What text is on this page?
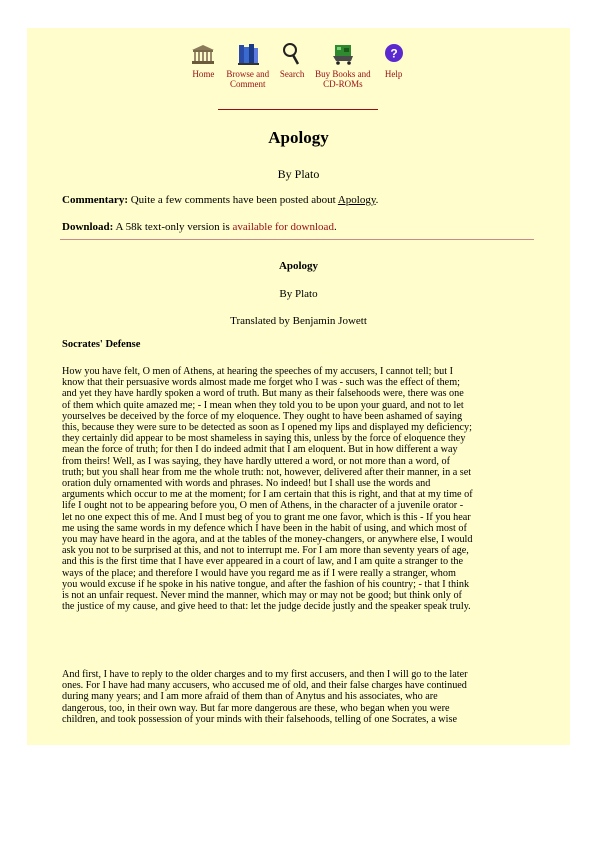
Home Browse and
Comment
Search Buy Books and
CD-ROMs
?
Help
Apology
By Plato
Commentary: Quite a few comments have been posted about Apology.
Download: A 58k text-only version is available for download.
Apology
By Plato
Translated by Benjamin Jowett
Socrates' Defense
How you have felt, O men of Athens, at hearing the speeches of my accusers, I cannot tell; but I
know that their persuasive words almost made me forget who I was - such was the effect of them;
and yet they have hardly spoken a word of truth. But many as their falsehoods were, there was one
of them which quite amazed me; - I mean when they told you to be upon your guard, and not to let
yourselves be deceived by the force of my eloquence. They ought to have been ashamed of saying
this, because they were sure to be detected as soon as I opened my lips and displayed my deficiency;
they certainly did appear to be most shameless in saying this, unless by the force of eloquence they
mean the force of truth; for then I do indeed admit that I am eloquent. But in how different a way
from theirs! Well, as I was saying, they have hardly uttered a word, or not more than a word, of
truth; but you shall hear from me the whole truth: not, however, delivered after their manner, in a set
oration duly ornamented with words and phrases. No indeed! but I shall use the words and
arguments which occur to me at the moment; for I am certain that this is right, and that at my time of
life I ought not to be appearing before you, O men of Athens, in the character of a juvenile orator -
let no one expect this of me. And I must beg of you to grant me one favor, which is this - If you hear
me using the same words in my defence which I have been in the habit of using, and which most of
you may have heard in the agora, and at the tables of the money-changers, or anywhere else, I would
ask you not to be surprised at this, and not to interrupt me. For I am more than seventy years of age,
and this is the first time that I have ever appeared in a court of law, and I am quite a stranger to the
ways of the place; and therefore I would have you regard me as if I were really a stranger, whom
you would excuse if he spoke in his native tongue, and after the fashion of his country; - that I think
is not an unfair request. Never mind the manner, which may or may not be good; but think only of
the justice of my cause, and give heed to that: let the judge decide justly and the speaker speak truly.
And first, I have to reply to the older charges and to my first accusers, and then I will go to the later
ones. For I have had many accusers, who accused me of old, and their false charges have continued
during many years; and I am more afraid of them than of Anytus and his associates, who are
dangerous, too, in their own way. But far more dangerous are these, who began when you were
children, and took possession of your minds with their falsehoods, telling of one Socrates, a wise
